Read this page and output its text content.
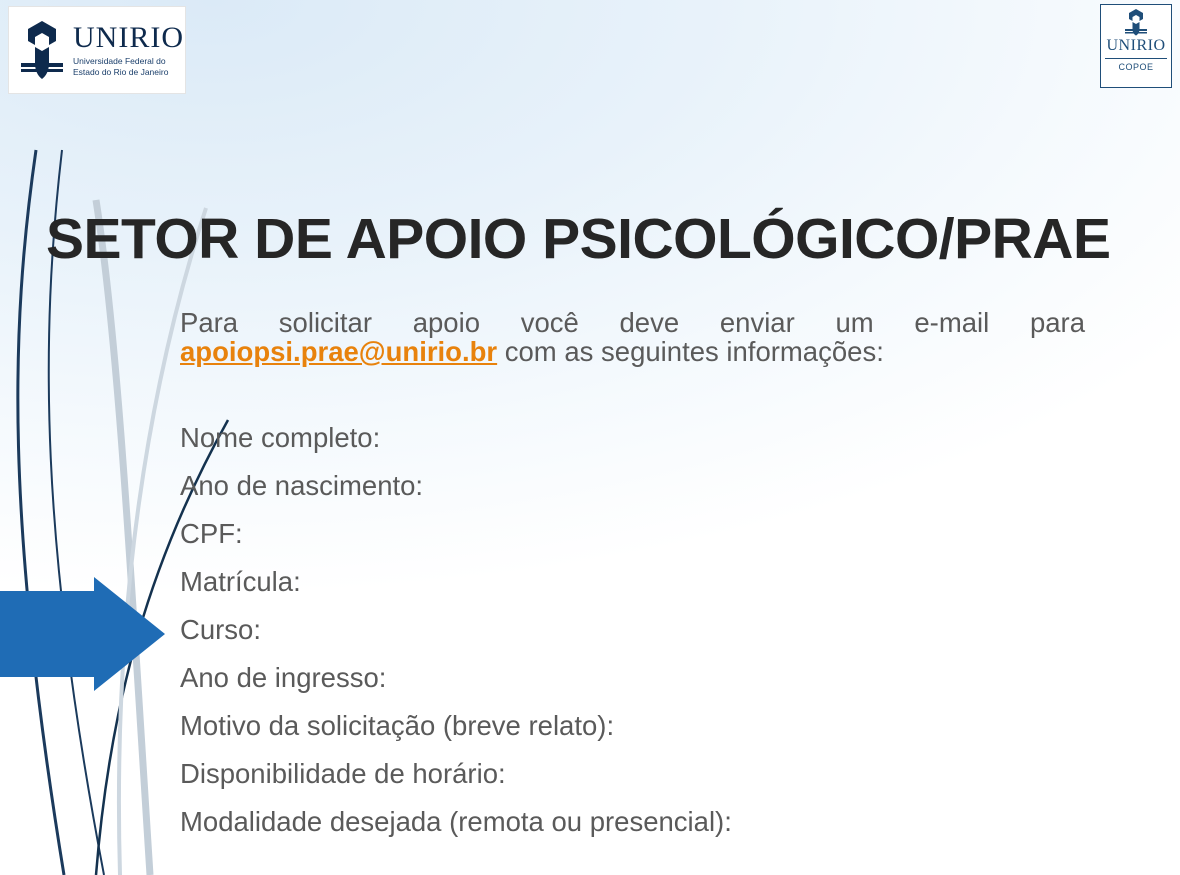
UNIRIO
Universidade Federal do
Estado do Rio de Janeiro
UNIRIO
COPOE
SETOR DE APOIO PSICOLÓGICO/PRAE

Para solicitar apoio você deve enviar um e-mail para
apoiopsi.prae@unirio.br com as seguintes informações:

Nome completo:
Ano de nascimento:
CPF:
Matrícula:
Curso:
Ano de ingresso:
Motivo da solicitação (breve relato):
Disponibilidade de horário:
Modalidade desejada (remota ou presencial):
